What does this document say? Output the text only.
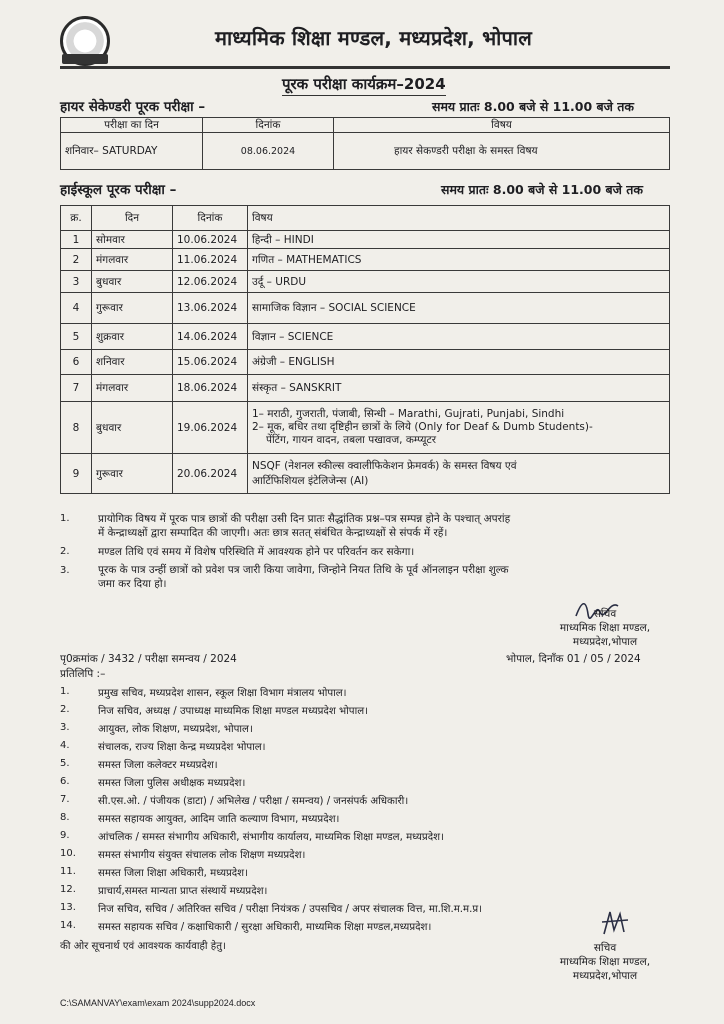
माध्यमिक शिक्षा मण्डल, मध्यप्रदेश, भोपाल
पूरक परीक्षा कार्यक्रम–2024
हायर सेकेण्डरी पूरक परीक्षा –	समय प्रातः 8.00 बजे से 11.00 बजे तक
परीक्षा का दिन	दिनांक	विषय
शनिवार– SATURDAY	08.06.2024	हायर सेकण्डरी परीक्षा के समस्त विषय
हाईस्कूल पूरक परीक्षा –	समय प्रातः 8.00 बजे से 11.00 बजे तक
क्र.	दिन	दिनांक	विषय
1	सोमवार	10.06.2024	हिन्दी – HINDI
2	मंगलवार	11.06.2024	गणित – MATHEMATICS
3	बुधवार	12.06.2024	उर्दू – URDU
4	गुरूवार	13.06.2024	सामाजिक विज्ञान – SOCIAL SCIENCE
5	शुक्रवार	14.06.2024	विज्ञान – SCIENCE
6	शनिवार	15.06.2024	अंग्रेजी – ENGLISH
7	मंगलवार	18.06.2024	संस्कृत – SANSKRIT
8	बुधवार	19.06.2024	1– मराठी, गुजराती, पंजाबी, सिन्धी – Marathi, Gujrati, Punjabi, Sindhi
2– मूक, बधिर तथा दृष्टिहीन छात्रों के लिये (Only for Deaf & Dumb Students)-
पेंटिंग, गायन वादन, तबला पखावज, कम्प्यूटर

9	गुरूवार	20.06.2024	NSQF (नेशनल स्कील्स क्वालीफिकेशन फ्रेमवर्क) के समस्त विषय एवं
आर्टिफिशियल इंटेलिजेन्स (AI)
1.	प्रायोगिक विषय में पूरक पात्र छात्रों की परीक्षा उसी दिन प्रातः सैद्धांतिक प्रश्न–पत्र सम्पन्न होने के पश्चात् अपरांह
में केन्द्राध्यक्षों द्वारा सम्पादित की जाएगी। अतः छात्र सतत् संबंधित केन्द्राध्यक्षों से संपर्क में रहें।
2.	मण्डल तिथि एवं समय में विशेष परिस्थिति में आवश्यक होने पर परिवर्तन कर सकेगा।
3.	पूरक के पात्र उन्हीं छात्रों को प्रवेश पत्र जारी किया जावेगा, जिन्होने नियत तिथि के पूर्व ऑनलाइन परीक्षा शुल्क
जमा कर दिया हो।
सचिव
माध्यमिक शिक्षा मण्डल,
मध्यप्रदेश,भोपाल
पृ0क्रमांक / 3432 / परीक्षा समन्वय / 2024	भोपाल, दिनाँक 01 / 05 / 2024
प्रतिलिपि :–
1.	प्रमुख सचिव, मध्यप्रदेश शासन, स्कूल शिक्षा विभाग मंत्रालय भोपाल।
2.	निज सचिव, अध्यक्ष / उपाध्यक्ष माध्यमिक शिक्षा मण्डल मध्यप्रदेश भोपाल।
3.	आयुक्त, लोक शिक्षण, मध्यप्रदेश, भोपाल।
4.	संचालक, राज्य शिक्षा केन्द्र मध्यप्रदेश भोपाल।
5.	समस्त जिला कलेक्टर मध्यप्रदेश।
6.	समस्त जिला पुलिस अधीक्षक मध्यप्रदेश।
7.	सी.एस.ओ. / पंजीयक (डाटा) / अभिलेख / परीक्षा / समन्वय) / जनसंपर्क अधिकारी।
8.	समस्त सहायक आयुक्त, आदिम जाति कल्याण विभाग, मध्यप्रदेश।
9.	आंचलिक / समस्त संभागीय अधिकारी, संभागीय कार्यालय, माध्यमिक शिक्षा मण्डल, मध्यप्रदेश।
10. समस्त संभागीय संयुक्त संचालक लोक शिक्षण मध्यप्रदेश।
11. समस्त जिला शिक्षा अधिकारी, मध्यप्रदेश।
12. प्राचार्य,समस्त मान्यता प्राप्त संस्थायें मध्यप्रदेश।
13. निज सचिव, सचिव / अतिरिक्त सचिव / परीक्षा नियंत्रक / उपसचिव / अपर संचालक वित्त, मा.शि.म.म.प्र।
14. समस्त सहायक सचिव / कक्षाधिकारी / सुरक्षा अधिकारी, माध्यमिक शिक्षा मण्डल,मध्यप्रदेश।
की ओर सूचनार्थ एवं आवश्यक कार्यवाही हेतु।	सचिव
माध्यमिक शिक्षा मण्डल,
मध्यप्रदेश,भोपाल
C:\SAMANVAY\exam\exam 2024\supp2024.docx
